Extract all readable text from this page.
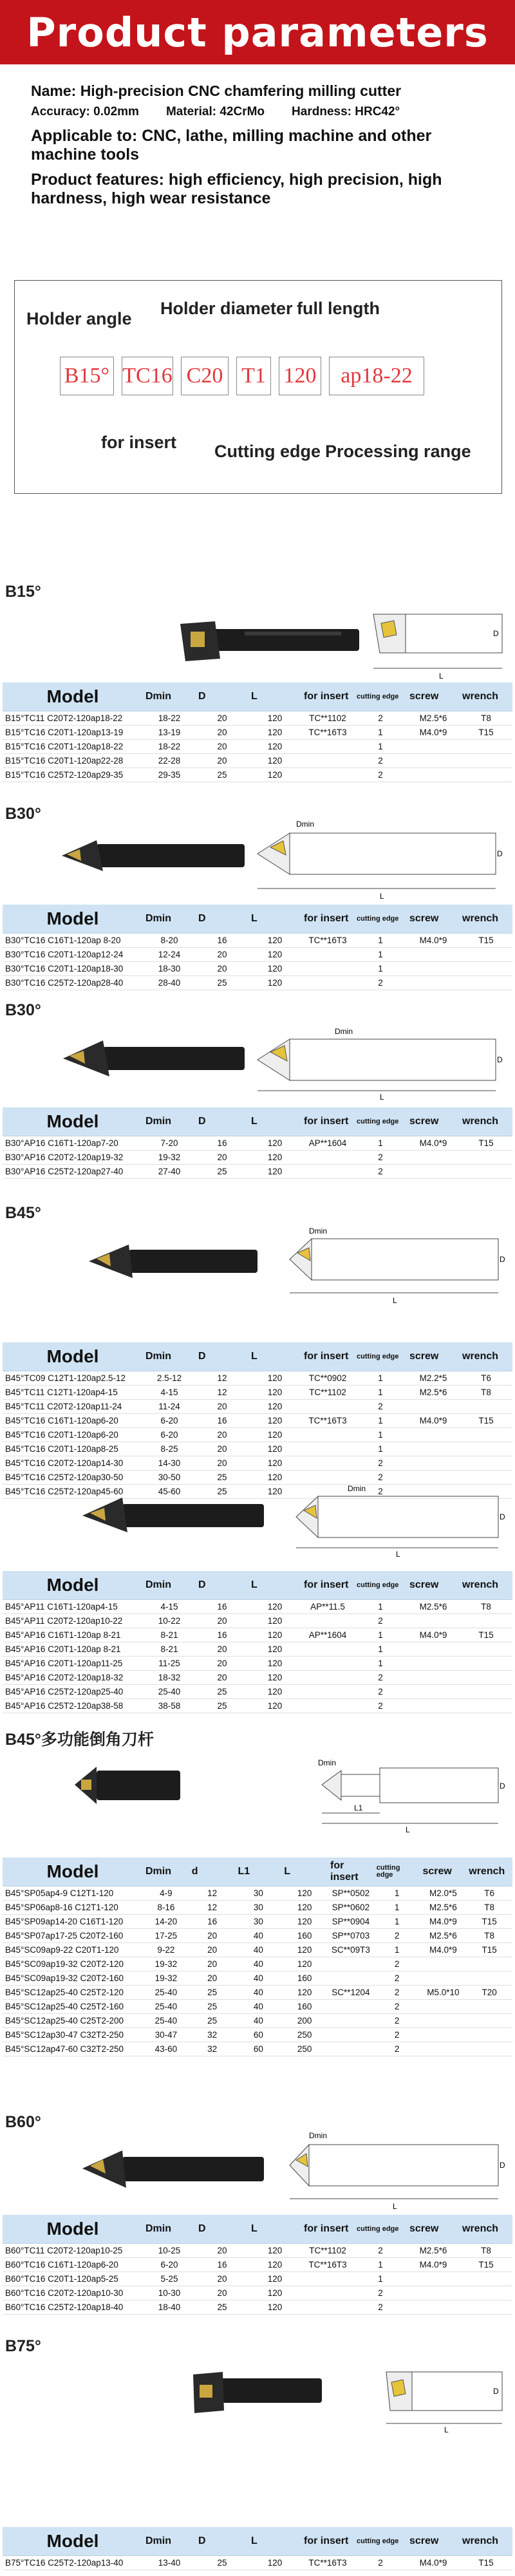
Product parameters

Name: High-precision CNC chamfering milling cutter

Accuracy: 0.02mm Material: 42CrMo Hardness: HRC42°

Applicable to: CNC, lathe, milling machine and other machine tools

Product features: high efficiency, high precision, high hardness, high wear resistance

Holder angle
Holder diameter full length
B15° TC16 C20 T1 120	ap18-22
for insert Cutting edge Processing range
B15°
L
D
Model	Dmin	D	L	for insert	cutting edge	screw	wrench
B15°TC11 C20T2-120ap18-22	18-22	20	120	TC**1102	2	M2.5*6	T8
B15°TC16 C20T1-120ap13-19	13-19	20	120	TC**16T3	1	M4.0*9	T15
B15°TC16 C20T1-120ap18-22	18-22	20	120		1		
B15°TC16 C20T1-120ap22-28	22-28	20	120		2		
B15°TC16 C25T2-120ap29-35	29-35	25	120		2		
B30°
L
Dmin
D
Model	Dmin	D	L	for insert	cutting edge	screw	wrench
B30°TC16 C16T1-120ap 8-20	8-20	16	120	TC**16T3	1	M4.0*9	T15
B30°TC16 C20T1-120ap12-24	12-24	20	120		1		
B30°TC16 C20T1-120ap18-30	18-30	20	120		1		
B30°TC16 C25T2-120ap28-40	28-40	25	120		2		
B30°
L
Dmin
D
Model	Dmin	D	L	for insert	cutting edge	screw	wrench
B30°AP16 C16T1-120ap7-20	7-20	16	120	AP**1604	1	M4.0*9	T15
B30°AP16 C20T2-120ap19-32	19-32	20	120		2		
B30°AP16 C25T2-120ap27-40	27-40	25	120		2		
B45°
L
Dmin
D
Model	Dmin	D	L	for insert	cutting edge	screw	wrench
B45°TC09 C12T1-120ap2.5-12	2.5-12	12	120	TC**0902	1	M2.2*5	T6
B45°TC11 C12T1-120ap4-15	4-15	12	120	TC**1102	1	M2.5*6	T8
B45°TC11 C20T2-120ap11-24	11-24	20	120		2		
B45°TC16 C16T1-120ap6-20	6-20	16	120	TC**16T3	1	M4.0*9	T15
B45°TC16 C20T1-120ap6-20	6-20	20	120		1		
B45°TC16 C20T1-120ap8-25	8-25	20	120		1		
B45°TC16 C20T2-120ap14-30	14-30	20	120		2		
B45°TC16 C25T2-120ap30-50	30-50	25	120		2		
B45°TC16 C25T2-120ap45-60	45-60	25	120		2		
L
Dmin
D
Model	Dmin	D	L	for insert	cutting edge	screw	wrench
B45°AP11 C16T1-120ap4-15	4-15	16	120	AP**11.5	1	M2.5*6	T8
B45°AP11 C20T2-120ap10-22	10-22	20	120		2		
B45°AP16 C16T1-120ap 8-21	8-21	16	120	AP**1604	1	M4.0*9	T15
B45°AP16 C20T1-120ap 8-21	8-21	20	120		1		
B45°AP16 C20T1-120ap11-25	11-25	20	120		1		
B45°AP16 C20T2-120ap18-32	18-32	20	120		2		
B45°AP16 C25T2-120ap25-40	25-40	25	120		2		
B45°AP16 C25T2-120ap38-58	38-58	25	120		2		
B45°多功能倒角刀杆
L1
L
Dmin
D
Model	Dmin	d	L1	L	for insert	cutting edge	screw	wrench
B45°SP05ap4-9 C12T1-120	4-9	12	30	120	SP**0502	1	M2.0*5	T6
B45°SP06ap8-16 C12T1-120	8-16	12	30	120	SP**0602	1	M2.5*6	T8
B45°SP09ap14-20 C16T1-120	14-20	16	30	120	SP**0904	1	M4.0*9	T15
B45°SP07ap17-25 C20T2-160	17-25	20	40	160	SP**0703	2	M2.5*6	T8
B45°SC09ap9-22 C20T1-120	9-22	20	40	120	SC**09T3	1	M4.0*9	T15
B45°SC09ap19-32 C20T2-120	19-32	20	40	120		2		
B45°SC09ap19-32 C20T2-160	19-32	20	40	160		2		
B45°SC12ap25-40 C25T2-120	25-40	25	40	120	SC**1204	2	M5.0*10	T20
B45°SC12ap25-40 C25T2-160	25-40	25	40	160		2		
B45°SC12ap25-40 C25T2-200	25-40	25	40	200		2		
B45°SC12ap30-47 C32T2-250	30-47	32	60	250		2		
B45°SC12ap47-60 C32T2-250	43-60	32	60	250		2		
B60°
L
Dmin
D
Model	Dmin	D	L	for insert	cutting edge	screw	wrench
B60°TC11 C20T2-120ap10-25	10-25	20	120	TC**1102	2	M2.5*6	T8
B60°TC16 C16T1-120ap6-20	6-20	16	120	TC**16T3	1	M4.0*9	T15
B60°TC16 C20T1-120ap5-25	5-25	20	120		1		
B60°TC16 C20T2-120ap10-30	10-30	20	120		2		
B60°TC16 C25T2-120ap18-40	18-40	25	120		2		
B75°
L
D
Model	Dmin	D	L	for insert	cutting edge	screw	wrench
B75°TC16 C25T2-120ap13-40	13-40	25	120	TC**16T3	2	M4.0*9	T15
